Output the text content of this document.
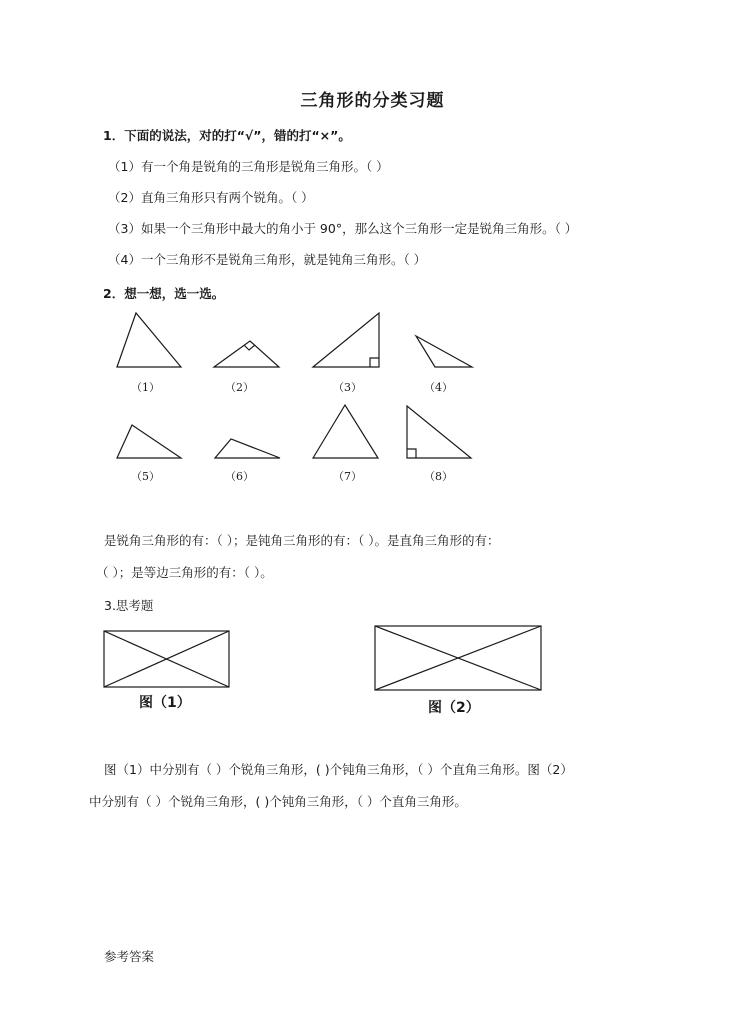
三角形的分类习题
1．下面的说法，对的打“√”，错的打“×”。
（1）有一个角是锐角的三角形是锐角三角形。（ ）
（2）直角三角形只有两个锐角。（ ）
（3）如果一个三角形中最大的角小于 90°，那么这个三角形一定是锐角三角形。（ ）
（4）一个三角形不是锐角三角形，就是钝角三角形。（ ）
2．想一想，选一选。
（1）	（2）	（3）	（4）
（5）	（6）	（7）	（8）
是锐角三角形的有：（ ）；是钝角三角形的有：（ ）。是直角三角形的有：
（ ）；是等边三角形的有：（ ）。
3.思考题
图（1）	图（2）
图（1）中分别有（ ）个锐角三角形，( )个钝角三角形，（ ）个直角三角形。图（2）
中分别有（ ）个锐角三角形，( )个钝角三角形，（ ）个直角三角形。
参考答案
